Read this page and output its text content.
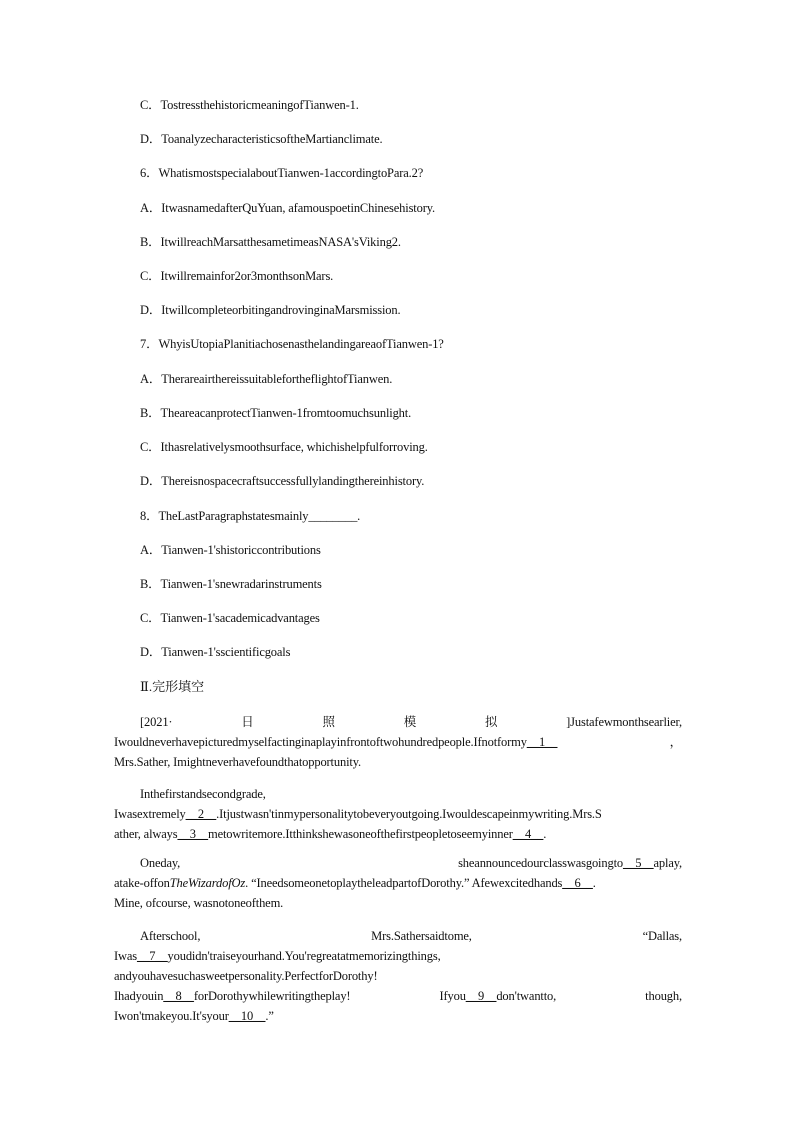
C．TostressthehistoricmeaningofTianwen-1.
D．ToanalyzecharacteristicsoftheMartianclimate.
6．WhatismostspecialaboutTianwen-1accordingtoPara.2?
A．ItwasnamedafterQuYuan, afamouspoetinChinesehistory.
B．ItwillreachMarsatthesametimeasNASA'sViking2.
C．Itwillremainfor2or3monthsonMars.
D．ItwillcompleteorbitingandrovinginaMarsmission.
7．WhyisUtopiaPlanitiachosenasthelandingareaofTianwen-1?
A．TherareairthereissuitablefortheflightofTianwen.
B．TheareacanprotectTianwen-1fromtoomuchsunlight.
C．Ithasrelativelysmoothsurface, whichishelpfulforroving.
D．Thereisnospacecraftsuccessfullylandingthereinhistory.
8．TheLastParagraphstatesmainly________.
A．Tianwen-1'shistoriccontributions
B．Tianwen-1'snewradarinstruments
C．Tianwen-1'sacademicadvantages
D．Tianwen-1'sscientificgoals
Ⅱ.完形填空
[2021·	日	照	模	拟	]Justafewmonthsearlier,
Iwouldneverhavepicturedmyselfactinginaplayinfrontoftwohundredpeople.Ifnotformy __1__	，
Mrs.Sather, Imightneverhavefoundthatopportunity.
Inthefirstandsecondgrade,
Iwasextremely__2__.Itjustwasn'tinmypersonalitytobeveryoutgoing.Iwouldescapeinmywriting.Mrs.S
ather, always__3__metowritemore.Itthinkshewasoneofthefirstpeopletoseemyinner__4__.
Oneday,	sheannouncedourclasswasgoingto__5__aplay,
atake-offonTheWizardofOz. “IneedsomeonetoplaytheleadpartofDorothy.” Afewexcitedhands__6__.
Mine, ofcourse, wasnotoneofthem.
Afterschool,	Mrs.Sathersaidtome,	“Dallas,
Iwas__7__youdidn'traiseyourhand.You'regreatatmemorizingthings,
andyouhavesuchasweetpersonality.PerfectforDorothy!
Ihadyouin__8__forDorothywhilewritingtheplay!	Ifyou__9__don'twantto,	though,
Iwon'tmakeyou.It'syour__10__.”
